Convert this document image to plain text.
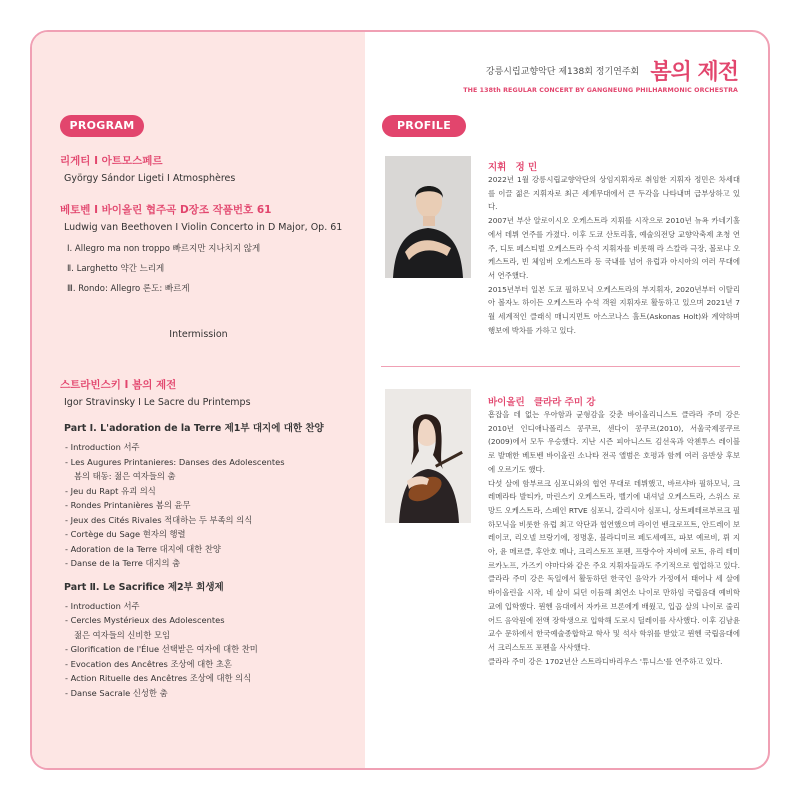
PROGRAM
리게티 Ⅰ 아트모스페르
György Sándor Ligeti Ⅰ Atmosphères
베토벤 Ⅰ 바이올린 협주곡 D장조 작품번호 61
Ludwig van Beethoven Ⅰ Violin Concerto in D Major, Op. 61
Ⅰ. Allegro ma non troppo 빠르지만 지나치지 않게
Ⅱ. Larghetto 약간 느리게
Ⅲ. Rondo: Allegro 론도: 빠르게
Intermission
스트라빈스키 Ⅰ 봄의 제전
Igor Stravinsky Ⅰ Le Sacre du Printemps
Part Ⅰ. L'adoration de la Terre 제1부 대지에 대한 찬양
- Introduction 서주
- Les Augures Printanieres: Danses des Adolescentes
봄의 태동: 젊은 여자들의 춤
- Jeu du Rapt 유괴 의식
- Rondes Printanières 봄의 윤무
- Jeux des Cités Rivales 적대하는 두 부족의 의식
- Cortège du Sage 현자의 행렬
- Adoration de la Terre 대지에 대한 찬양
- Danse de la Terre 대지의 춤
Part Ⅱ. Le Sacrifice 제2부 희생제
- Introduction 서주
- Cercles Mystérieux des Adolescentes
젊은 여자들의 신비한 모임
- Glorification de l'Élue 선택받은 여자에 대한 찬미
- Evocation des Ancêtres 조상에 대한 초혼
- Action Rituelle des Ancêtres 조상에 대한 의식
- Danse Sacrale 신성한 춤
강릉시립교향악단 제138회 정기연주회 봄의 제전
THE 138th REGULAR CONCERT BY GANGNEUNG PHILHARMONIC ORCHESTRA
PROFILE
지휘 정 민

2022년 1월 강릉시립교향악단의 상임지휘자로 취임한 지휘자 정민은 차세대를 이끌 젊은 지휘자로 최근 세계무대에서 큰 두각을 나타내며 급부상하고 있다.

2007년 부산 알로이시오 오케스트라 지휘를 시작으로 2010년 뉴욕 카네기홀에서 데뷔 연주를 가졌다. 이후 도쿄 산토리홀, 예술의전당 교향악축제 초청 연주, 디토 페스티벌 오케스트라 수석 지휘자를 비롯해 라 스칼라 극장, 볼로냐 오케스트라, 빈 체임버 오케스트라 등 국내를 넘어 유럽과 아시아의 여러 무대에서 연주했다.

2015년부터 일본 도쿄 필하모닉 오케스트라의 부지휘자, 2020년부터 이탈리아 볼자노 하이든 오케스트라 수석 객원 지휘자로 활동하고 있으며 2021년 7월 세계적인 클래식 매니지먼트 아스코나스 홀트(Askonas Holt)와 계약하며 행보에 박차를 가하고 있다.

바이올린 클라라 주미 강

흠잡을 데 없는 우아함과 균형감을 갖춘 바이올리니스트 클라라 주미 강은 2010년 인디애나폴리스 콩쿠르, 센다이 콩쿠르(2010), 서울국제콩쿠르(2009)에서 모두 우승했다. 지난 시즌 피아니스트 김선욱과 악첸투스 레이블로 발매한 베토벤 바이올린 소나타 전곡 앨범은 호평과 함께 여러 음반상 후보에 오르기도 했다.

다섯 살에 함부르크 심포니와의 협연 무대로 데뷔했고, 바르샤바 필하모닉, 크레메라타 발티카, 마린스키 오케스트라, 벨기에 내셔널 오케스트라, 스위스 로망드 오케스트라, 스페인 RTVE 심포니, 갈리시아 심포니, 상트페테르부르크 필하모닉을 비롯한 유럽 최고 악단과 협연했으며 라이언 밴크로프트, 안드레이 보레이코, 리오넬 브랑기에, 정명훈, 블라디미르 페도세예프, 파보 예르비, 뤼 지아, 윤 메르클, 후안호 메나, 크리스토프 포펜, 프랑수아 자비에 로트, 유리 테미르카노프, 가즈키 야마다와 같은 주요 지휘자들과도 주기적으로 협업하고 있다.

클라라 주미 강은 독일에서 활동하던 한국인 음악가 가정에서 태어나 세 살에 바이올린을 시작, 네 살이 되던 이듬해 최연소 나이로 만하임 국립음대 예비학교에 입학했다. 뮌헨 음대에서 자카르 브론에게 배웠고, 입곱 살의 나이로 줄리어드 음악원에 전액 장학생으로 입학해 도로시 딜레이를 사사했다. 이후 김남윤 교수 문하에서 한국예술종합학교 학사 및 석사 학위를 받았고 뮌헨 국립음대에서 크리스토프 포펜을 사사했다.

클라라 주미 강은 1702년산 스트라디바리우스 '튜니스'를 연주하고 있다.
